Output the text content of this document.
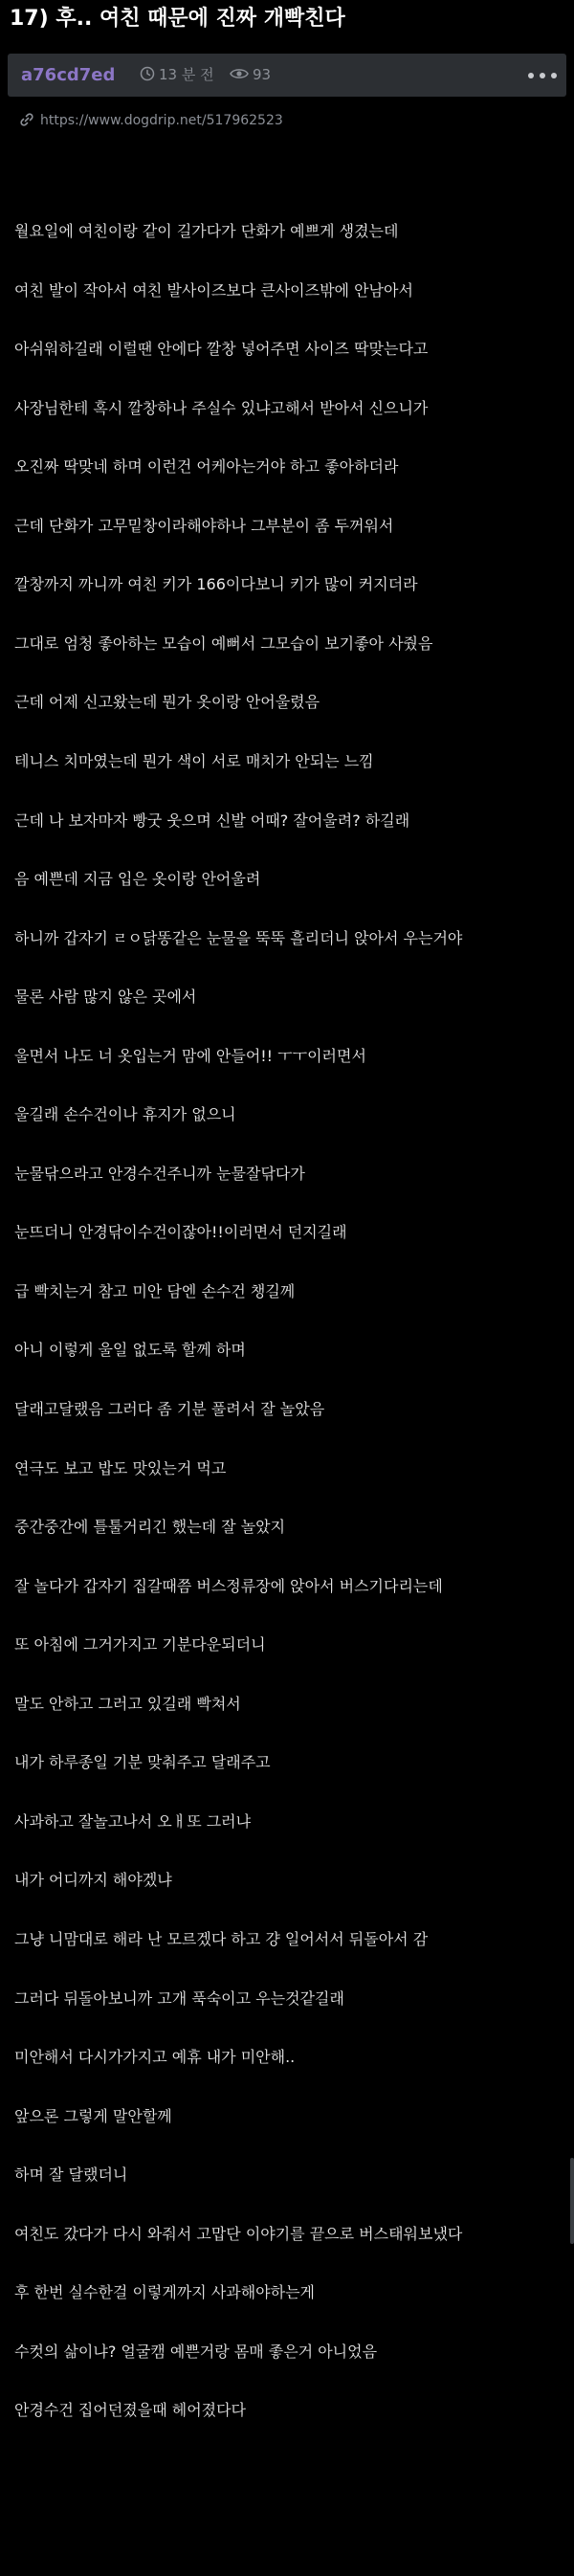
17) 후.. 여친 때문에 진짜 개빡친다
a76cd7ed	13 분 전	93
https://www.dogdrip.net/517962523
월요일에 여친이랑 같이 길가다가 단화가 예쁘게 생겼는데
여친 발이 작아서 여친 발사이즈보다 큰사이즈밖에 안남아서
아쉬워하길래 이럴땐 안에다 깔창 넣어주면 사이즈 딱맞는다고
사장님한테 혹시 깔창하나 주실수 있냐고해서 받아서 신으니가
오진짜 딱맞네 하며 이런건 어케아는거야 하고 좋아하더라
근데 단화가 고무밑창이라해야하나 그부분이 좀 두꺼워서
깔창까지 까니까 여친 키가 166이다보니 키가 많이 커지더라
그대로 엄청 좋아하는 모습이 예뻐서 그모습이 보기좋아 사줬음
근데 어제 신고왔는데 뭔가 옷이랑 안어울렸음
테니스 치마였는데 뭔가 색이 서로 매치가 안되는 느낌
근데 나 보자마자 빵굿 웃으며 신발 어때? 잘어울려? 하길래
음 예쁜데 지금 입은 옷이랑 안어울려
하니까 갑자기 ㄹㅇ닭똥같은 눈물을 뚝뚝 흘리더니 앉아서 우는거야
물론 사람 많지 않은 곳에서
울면서 나도 너 옷입는거 맘에 안들어!! ㅜㅜ이러면서
울길래 손수건이나 휴지가 없으니
눈물닦으라고 안경수건주니까 눈물잘닦다가
눈뜨더니 안경닦이수건이잖아!!이러면서 던지길래
급 빡치는거 참고 미안 담엔 손수건 챙길께
아니 이렇게 울일 없도록 할께 하며
달래고달랬음 그러다 좀 기분 풀려서 잘 놀았음
연극도 보고 밥도 맛있는거 먹고
중간중간에 틀툴거리긴 했는데 잘 놀았지
잘 놀다가 갑자기 집갈때쯤 버스정류장에 앉아서 버스기다리는데
또 아침에 그거가지고 기분다운되더니
말도 안하고 그러고 있길래 빡쳐서
내가 하루종일 기분 맞춰주고 달래주고
사과하고 잘놀고나서 오ㅐ또 그러냐
내가 어디까지 해야겠냐
그냥 니맘대로 해라 난 모르겠다 하고 걍 일어서서 뒤돌아서 감
그러다 뒤돌아보니까 고개 푹숙이고 우는것같길래
미안해서 다시가가지고 예휴 내가 미안해..
앞으론 그렇게 말안할께
하며 잘 달랬더니
여친도 갔다가 다시 와줘서 고맙단 이야기를 끝으로 버스태워보냈다
후 한번 실수한걸 이렇게까지 사과해야하는게
수컷의 삶이냐? 얼굴캠 예쁜거랑 몸매 좋은거 아니었음
안경수건 집어던졌을때 헤어졌다다
